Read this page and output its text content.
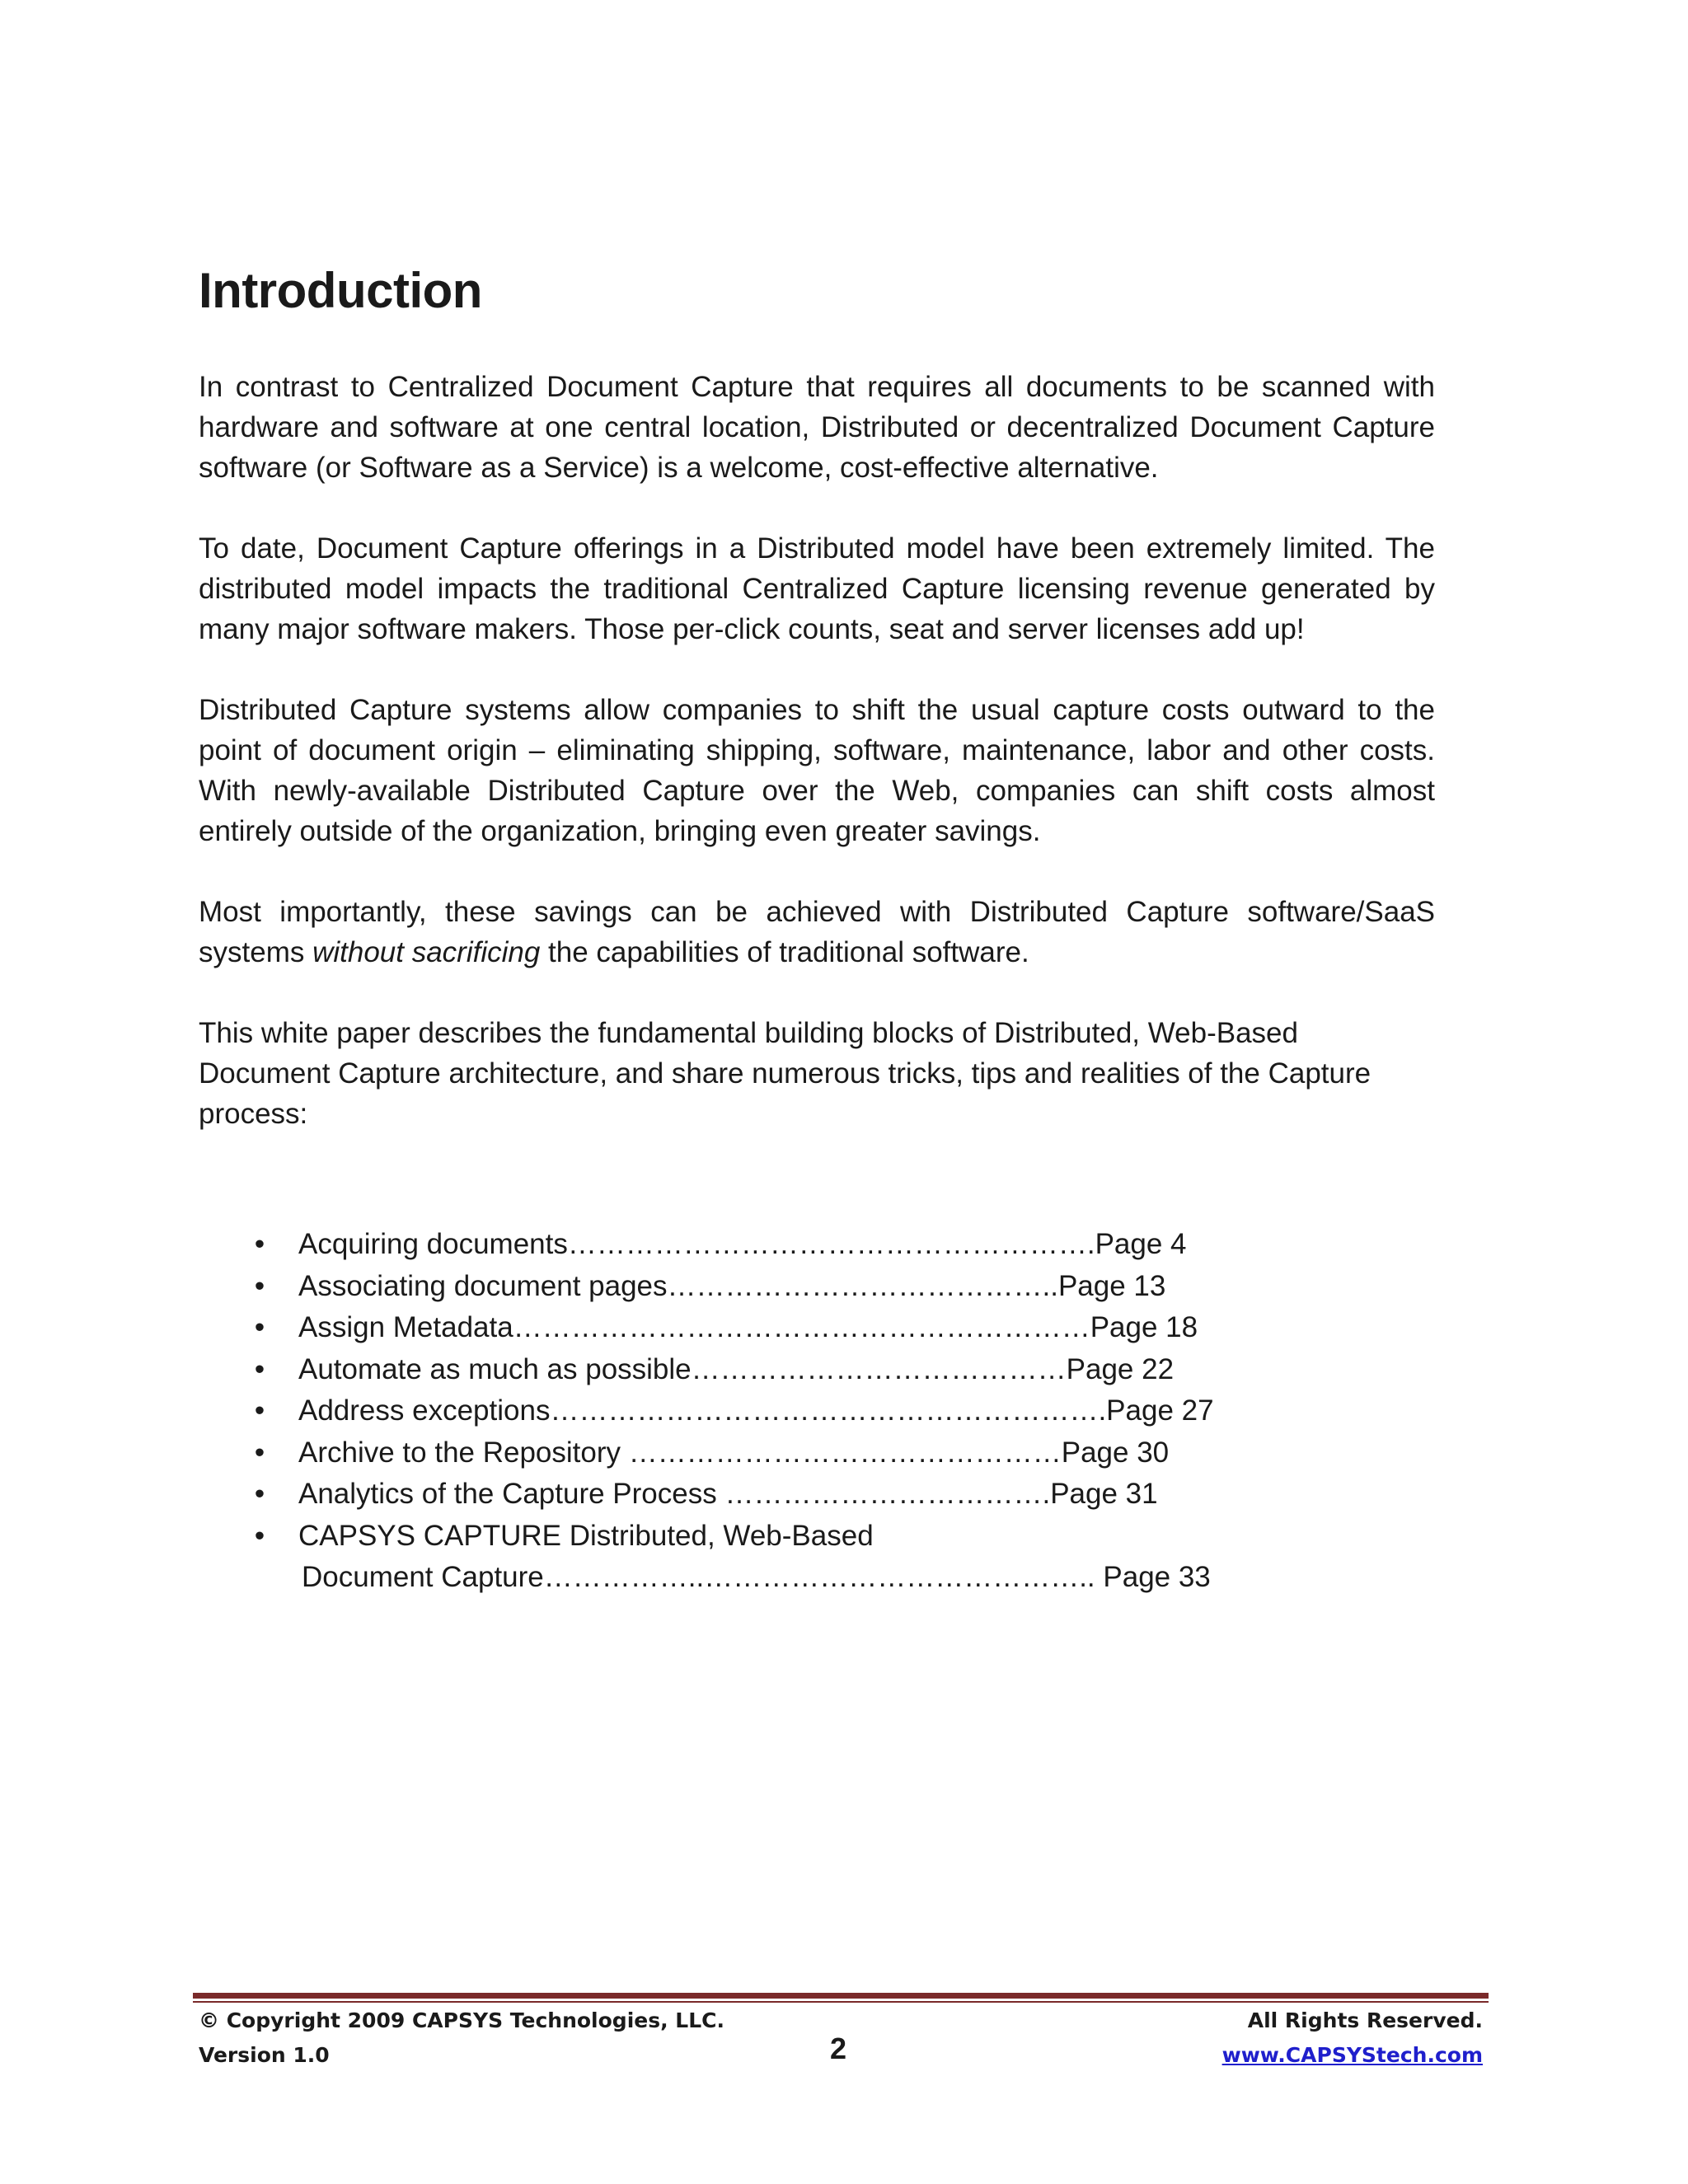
Introduction

In contrast to Centralized Document Capture that requires all documents to be scanned with hardware and software at one central location, Distributed or decentralized Document Capture software (or Software as a Service) is a welcome, cost-effective alternative.

To date, Document Capture offerings in a Distributed model have been extremely limited. The distributed model impacts the traditional Centralized Capture licensing revenue generated by many major software makers. Those per-click counts, seat and server licenses add up!

Distributed Capture systems allow companies to shift the usual capture costs outward to the point of document origin – eliminating shipping, software, maintenance, labor and other costs. With newly-available Distributed Capture over the Web, companies can shift costs almost entirely outside of the organization, bringing even greater savings.

Most importantly, these savings can be achieved with Distributed Capture software/SaaS systems without sacrificing the capabilities of traditional software.

This white paper describes the fundamental building blocks of Distributed, Web-Based Document Capture architecture, and share numerous tricks, tips and realities of the Capture process:

• Acquiring documents……………………………………………….Page 4
• Associating document pages…………………………………..Page 13
• Assign Metadata……………………………………………………Page 18
• Automate as much as possible…………………………………Page 22
• Address exceptions………………………………………………….Page 27
• Archive to the Repository ………………………………………Page 30
• Analytics of the Capture Process …………………………….Page 31
• CAPSYS CAPTURE Distributed, Web-Based
Document Capture……………..………………………………….. Page 33
© Copyright 2009 CAPSYS Technologies, LLC.
Version 1.0	2
All Rights Reserved.
www.CAPSYStech.com
